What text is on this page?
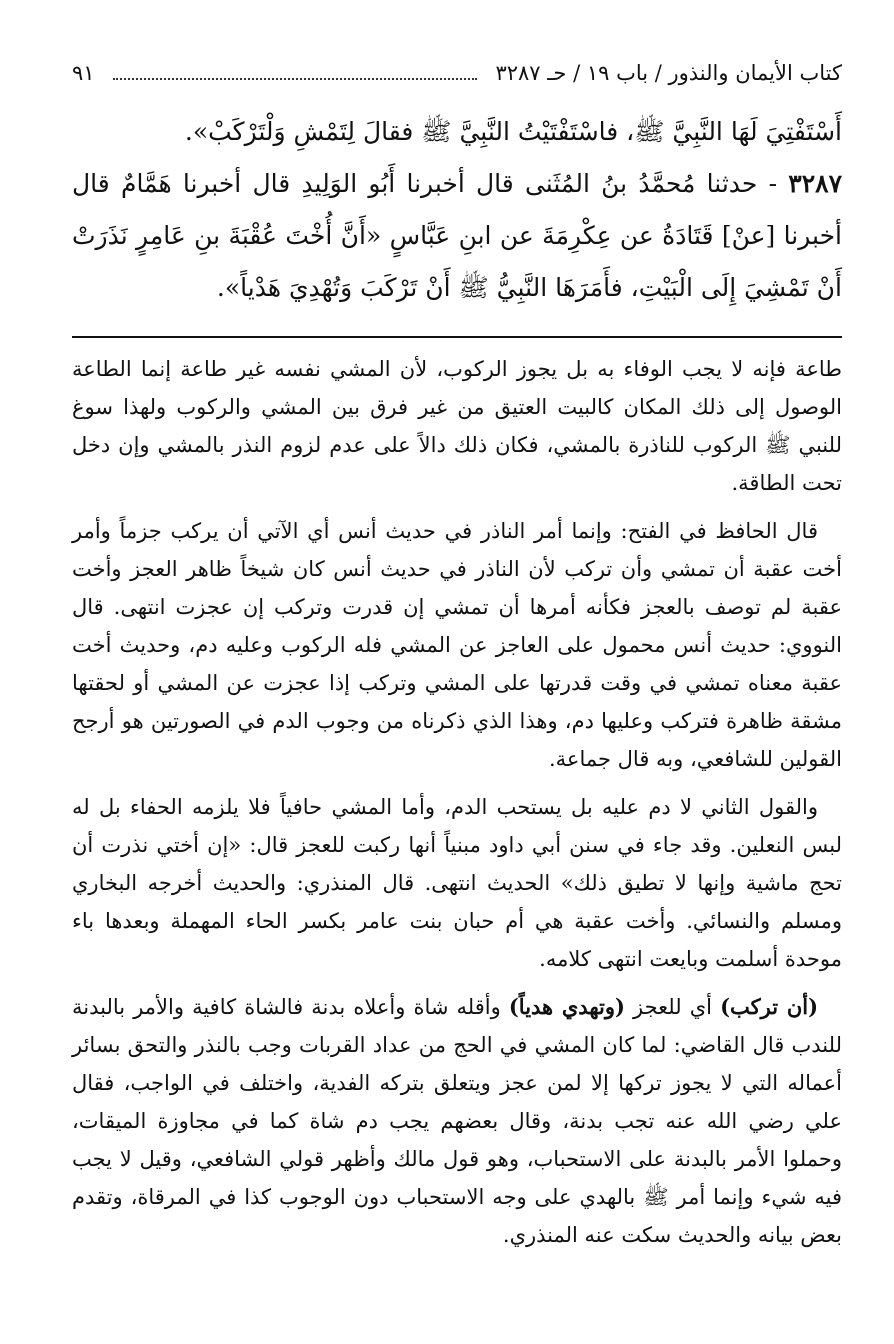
كتاب الأيمان والنذور / باب ١٩ / حـ ٣٢٨٧
٩١

أَسْتَفْتِيَ لَهَا النَّبِيَّ ﷺ، فاسْتَفْتَيْتُ النَّبِيَّ ﷺ فقالَ لِتَمْشِ وَلْتَرْكَبْ».

٣٢٨٧ - حدثنا مُحمَّدُ بنُ المُثَنى قال أخبرنا أَبُو الوَلِيدِ قال أخبرنا هَمَّامٌ قال أخبرنا [عنْ] قَتَادَةُ عن عِكْرِمَةَ عن ابنِ عَبَّاسٍ «أَنَّ أُخْتَ عُقْبَةَ بنِ عَامِرٍ نَذَرَتْ أَنْ تَمْشِيَ إِلَى الْبَيْتِ، فأَمَرَهَا النَّبِيُّ ﷺ أَنْ تَرْكَبَ وَتُهْدِيَ هَدْياً».

طاعة فإنه لا يجب الوفاء به بل يجوز الركوب، لأن المشي نفسه غير طاعة إنما الطاعة الوصول إلى ذلك المكان كالبيت العتيق من غير فرق بين المشي والركوب ولهذا سوغ للنبي ﷺ الركوب للناذرة بالمشي، فكان ذلك دالاً على عدم لزوم النذر بالمشي وإن دخل تحت الطاقة.

قال الحافظ في الفتح: وإنما أمر الناذر في حديث أنس أي الآتي أن يركب جزماً وأمر أخت عقبة أن تمشي وأن تركب لأن الناذر في حديث أنس كان شيخاً ظاهر العجز وأخت عقبة لم توصف بالعجز فكأنه أمرها أن تمشي إن قدرت وتركب إن عجزت انتهى. قال النووي: حديث أنس محمول على العاجز عن المشي فله الركوب وعليه دم، وحديث أخت عقبة معناه تمشي في وقت قدرتها على المشي وتركب إذا عجزت عن المشي أو لحقتها مشقة ظاهرة فتركب وعليها دم، وهذا الذي ذكرناه من وجوب الدم في الصورتين هو أرجح القولين للشافعي، وبه قال جماعة.

والقول الثاني لا دم عليه بل يستحب الدم، وأما المشي حافياً فلا يلزمه الحفاء بل له لبس النعلين. وقد جاء في سنن أبي داود مبنياً أنها ركبت للعجز قال: «إن أختي نذرت أن تحج ماشية وإنها لا تطيق ذلك» الحديث انتهى. قال المنذري: والحديث أخرجه البخاري ومسلم والنسائي. وأخت عقبة هي أم حبان بنت عامر بكسر الحاء المهملة وبعدها باء موحدة أسلمت وبايعت انتهى كلامه.

(أن تركب) أي للعجز (وتهدي هدياً) وأقله شاة وأعلاه بدنة فالشاة كافية والأمر بالبدنة للندب قال القاضي: لما كان المشي في الحج من عداد القربات وجب بالنذر والتحق بسائر أعماله التي لا يجوز تركها إلا لمن عجز ويتعلق بتركه الفدية، واختلف في الواجب، فقال علي رضي الله عنه تجب بدنة، وقال بعضهم يجب دم شاة كما في مجاوزة الميقات، وحملوا الأمر بالبدنة على الاستحباب، وهو قول مالك وأظهر قولي الشافعي، وقيل لا يجب فيه شيء وإنما أمر ﷺ بالهدي على وجه الاستحباب دون الوجوب كذا في المرقاة، وتقدم بعض بيانه والحديث سكت عنه المنذري.
